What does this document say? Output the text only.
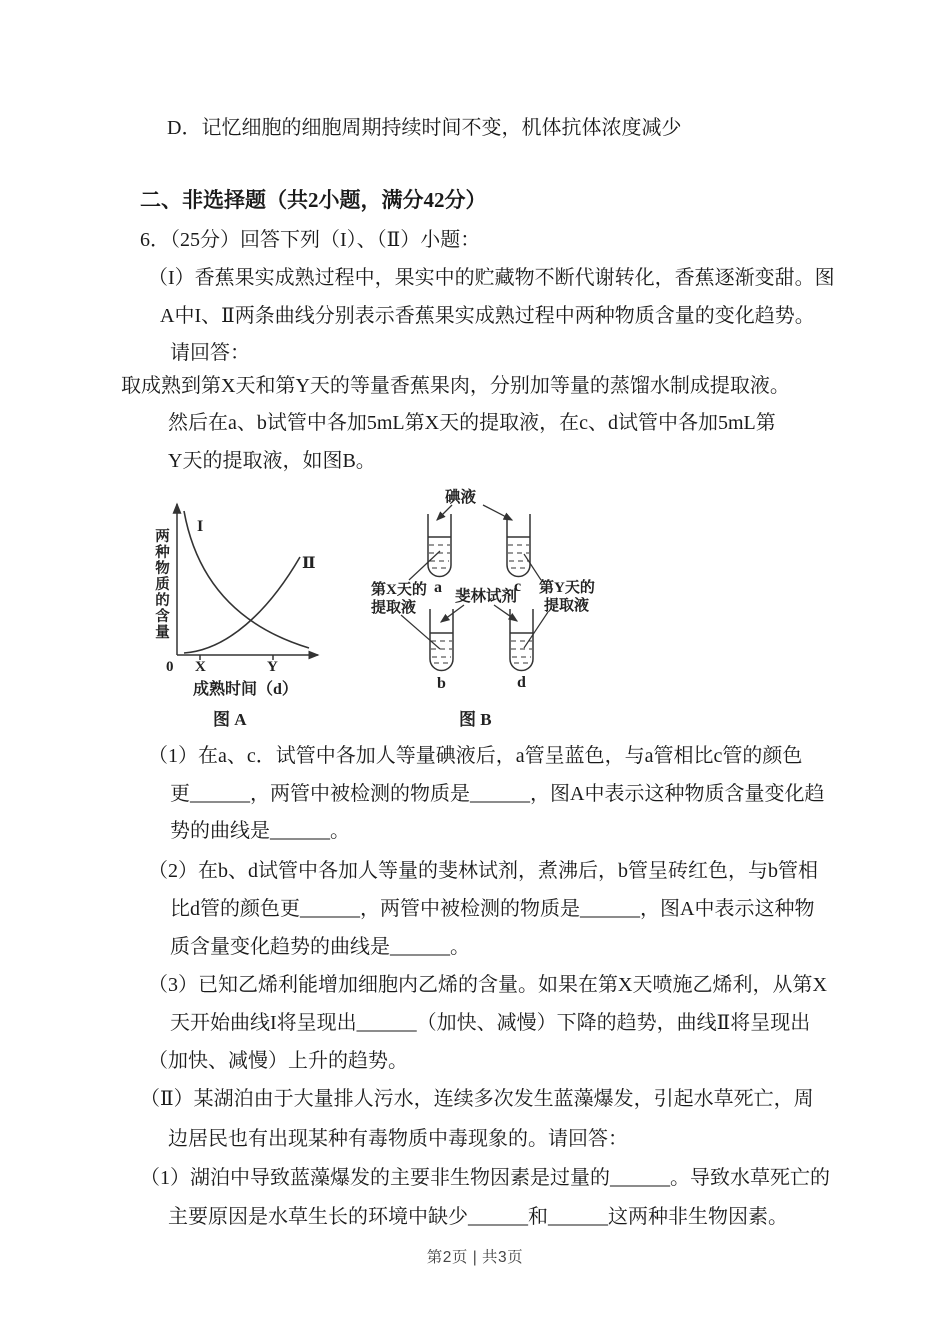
D．记忆细胞的细胞周期持续时间不变，机体抗体浓度减少
二、非选择题（共2小题，满分42分）
6．（25分）回答下列（I）、（Ⅱ）小题：
（I）香蕉果实成熟过程中，果实中的贮藏物不断代谢转化，香蕉逐渐变甜。图
A中I、Ⅱ两条曲线分别表示香蕉果实成熟过程中两种物质含量的变化趋势。
请回答：
取成熟到第X天和第Y天的等量香蕉果肉，分别加等量的蒸馏水制成提取液。
然后在a、b试管中各加5mL第X天的提取液，在c、d试管中各加5mL第
Y天的提取液，如图B。
（1）在a、c．试管中各加人等量碘液后，a管呈蓝色，与a管相比c管的颜色
更______，两管中被检测的物质是______，图A中表示这种物质含量变化趋
势的曲线是______。
（2）在b、d试管中各加人等量的斐林试剂，煮沸后，b管呈砖红色，与b管相
比d管的颜色更______，两管中被检测的物质是______，图A中表示这种物
质含量变化趋势的曲线是______。
（3）已知乙烯利能增加细胞内乙烯的含量。如果在第X天喷施乙烯利，从第X
天开始曲线I将呈现出______（加快、减慢）下降的趋势，曲线Ⅱ将呈现出
（加快、减慢）上升的趋势。
（Ⅱ）某湖泊由于大量排人污水，连续多次发生蓝藻爆发，引起水草死亡，周
边居民也有出现某种有毒物质中毒现象的。请回答：
（1）湖泊中导致蓝藻爆发的主要非生物因素是过量的______。导致水草死亡的
主要原因是水草生长的环境中缺少______和______这两种非生物因素。
两种物质的含量
I
Ⅱ
0 X	Y
成熟时间（d）
图 A
碘液
a	c
b	d
第X天的
提取液
斐林试剂 第Y天的
提取液
图 B
第2页 | 共3页
